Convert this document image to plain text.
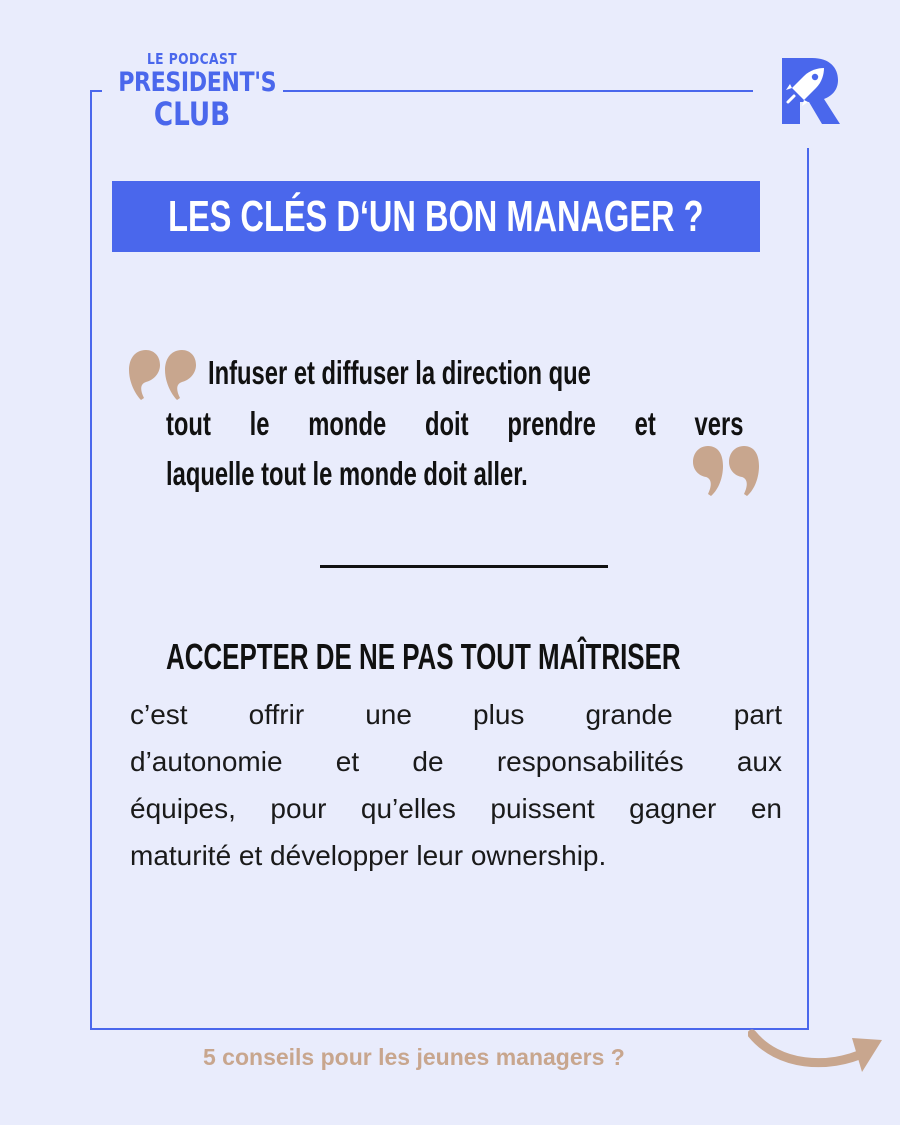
LE PODCAST
PRESIDENT'S
CLUB
LES CLÉS D‘UN BON MANAGER ?
Infuser et diffuser la direction que
tout le monde doit prendre et vers
laquelle tout le monde doit aller.
ACCEPTER DE NE PAS TOUT MAÎTRISER
c’est offrir une plus grande part
d’autonomie et de responsabilités aux
équipes, pour qu’elles puissent gagner en
maturité et développer leur ownership.
5 conseils pour les jeunes managers ?
